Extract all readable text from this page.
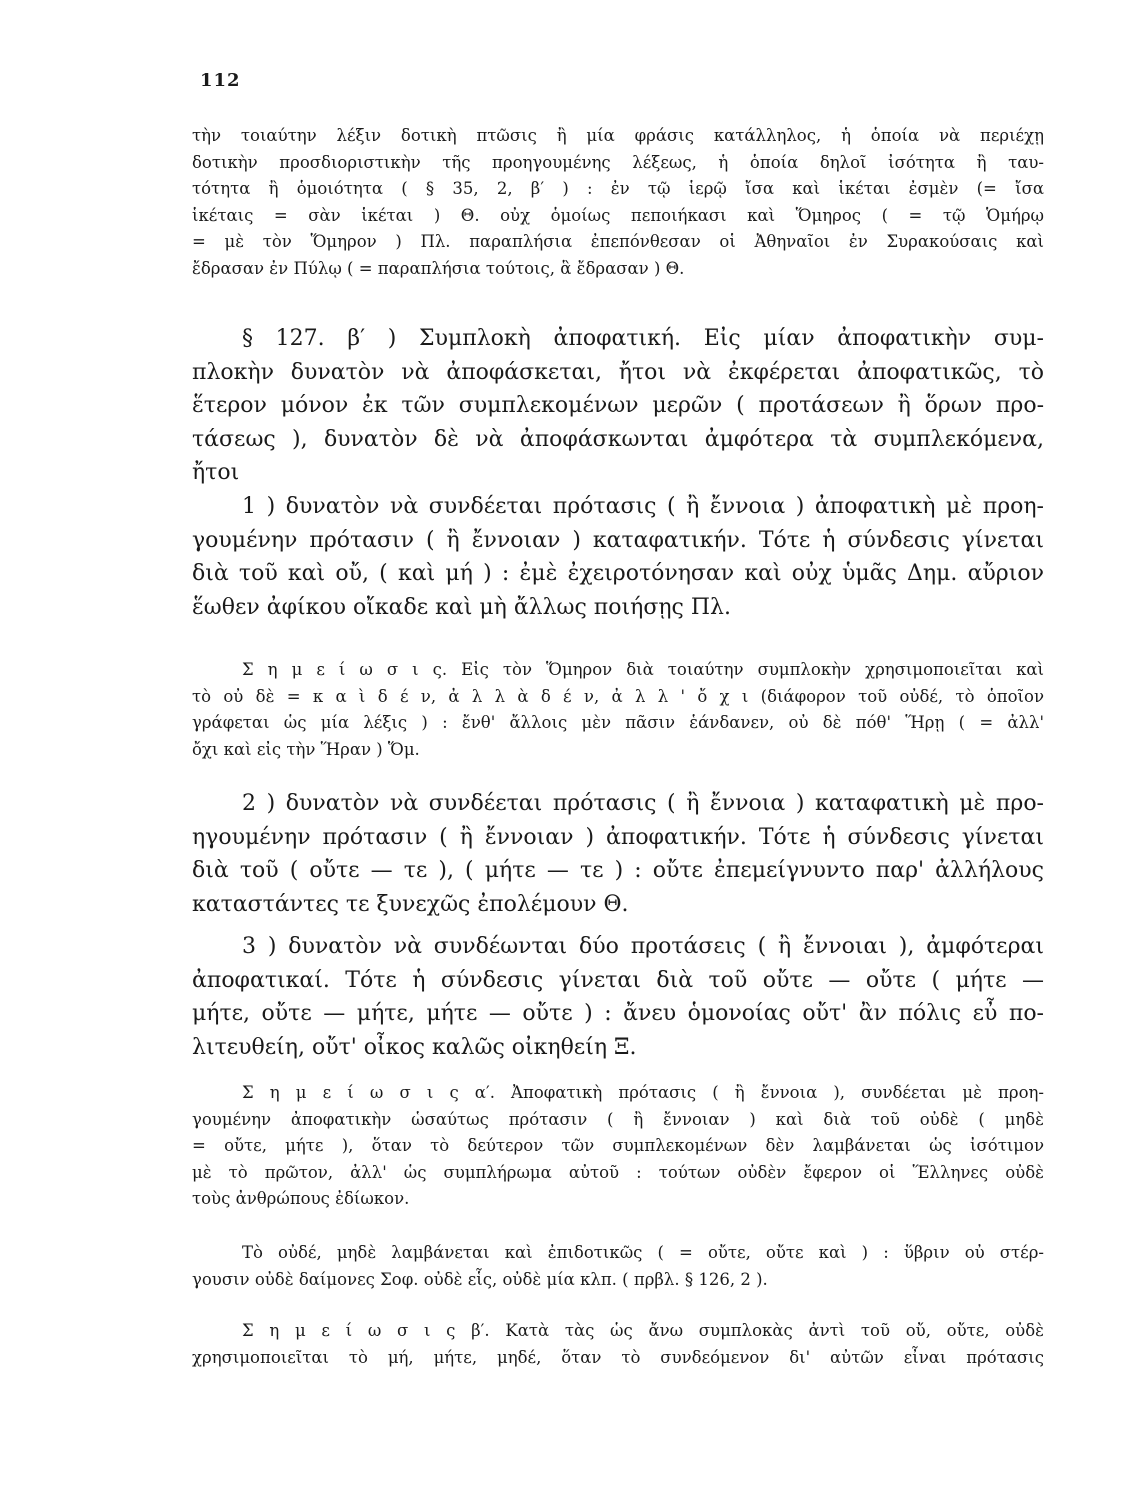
112
τὴν τοιαύτην λέξιν δοτικὴ πτῶσις ἢ μία φράσις κατάλληλος, ἡ ὁποία νὰ περιέχῃ
δοτικὴν προσδιοριστικὴν τῆς προηγουμένης λέξεως, ἡ ὁποία δηλοῖ ἰσότητα ἢ ταυ-
τότητα ἢ ὁμοιότητα ( § 35, 2, β′ ) : ἐν τῷ ἱερῷ ἴσα καὶ ἱκέται ἐσμὲν (= ἴσα
ἱκέταις = σὰν ἱκέται ) Θ. οὐχ ὁμοίως πεποιήκασι καὶ Ὅμηρος ( = τῷ Ὁμήρῳ
= μὲ τὸν Ὅμηρον ) Πλ. παραπλήσια ἐπεπόνθεσαν οἱ Ἀθηναῖοι ἐν Συρακούσαις καὶ
ἔδρασαν ἐν Πύλῳ ( = παραπλήσια τούτοις, ἃ ἔδρασαν ) Θ.
§ 127. β′ ) Συμπλοκὴ ἀποφατική. Εἰς μίαν ἀποφατικὴν συμ-
πλοκὴν δυνατὸν νὰ ἀποφάσκεται, ἤτοι νὰ ἐκφέρεται ἀποφατικῶς, τὸ
ἕτερον μόνον ἐκ τῶν συμπλεκομένων μερῶν ( προτάσεων ἢ ὅρων προ-
τάσεως ), δυνατὸν δὲ νὰ ἀποφάσκωνται ἀμφότερα τὰ συμπλεκόμενα,
ἤτοι
1 ) δυνατὸν νὰ συνδέεται πρότασις ( ἢ ἔννοια ) ἀποφατικὴ μὲ προη-
γουμένην πρότασιν ( ἢ ἔννοιαν ) καταφατικήν. Τότε ἡ σύνδεσις γίνεται
διὰ τοῦ καὶ οὔ, ( καὶ μή ) : ἐμὲ ἐχειροτόνησαν καὶ οὐχ ὑμᾶς Δημ. αὔριον
ἕωθεν ἀφίκου οἴκαδε καὶ μὴ ἄλλως ποιήσῃς Πλ.
Σ η μ ε ί ω σ ι ς. Εἰς τὸν Ὅμηρον διὰ τοιαύτην συμπλοκὴν χρησιμοποιεῖται καὶ
τὸ οὐ δὲ = κ α ὶ δ έ ν, ἀ λ λ ὰ δ έ ν, ἀ λ λ ' ὄ χ ι (διάφορον τοῦ οὐδέ, τὸ ὁποῖον
γράφεται ὡς μία λέξις ) : ἔνθ' ἄλλοις μὲν πᾶσιν ἑάνδανεν, οὐ δὲ πόθ' Ἥρῃ ( = ἀλλ'
ὄχι καὶ εἰς τὴν Ἥραν ) Ὅμ.
2 ) δυνατὸν νὰ συνδέεται πρότασις ( ἢ ἔννοια ) καταφατικὴ μὲ προ-
ηγουμένην πρότασιν ( ἢ ἔννοιαν ) ἀποφατικήν. Τότε ἡ σύνδεσις γίνεται
διὰ τοῦ ( οὔτε — τε ), ( μήτε — τε ) : οὔτε ἐπεμείγνυντο παρ' ἀλλήλους
καταστάντες τε ξυνεχῶς ἐπολέμουν Θ.
3 ) δυνατὸν νὰ συνδέωνται δύο προτάσεις ( ἢ ἔννοιαι ), ἀμφότεραι
ἀποφατικαί. Τότε ἡ σύνδεσις γίνεται διὰ τοῦ οὔτε — οὔτε ( μήτε —
μήτε, οὔτε — μήτε, μήτε — οὔτε ) : ἄνευ ὁμονοίας οὔτ' ἂν πόλις εὖ πο-
λιτευθείη, οὔτ' οἶκος καλῶς οἰκηθείη Ξ.
Σ η μ ε ί ω σ ι ς α′. Ἀποφατικὴ πρότασις ( ἢ ἔννοια ), συνδέεται μὲ προη-
γουμένην ἀποφατικὴν ὡσαύτως πρότασιν ( ἢ ἔννοιαν ) καὶ διὰ τοῦ οὐδὲ ( μηδὲ
= οὔτε, μήτε ), ὅταν τὸ δεύτερον τῶν συμπλεκομένων δὲν λαμβάνεται ὡς ἰσότιμον
μὲ τὸ πρῶτον, ἀλλ' ὡς συμπλήρωμα αὐτοῦ : τούτων οὐδὲν ἔφερον οἱ Ἕλληνες οὐδὲ
τοὺς ἀνθρώπους ἐδίωκον.
Τὸ οὐδέ, μηδὲ λαμβάνεται καὶ ἐπιδοτικῶς ( = οὔτε, οὔτε καὶ ) : ὕβριν οὐ στέρ-
γουσιν οὐδὲ δαίμονες Σοφ. οὐδὲ εἷς, οὐδὲ μία κλπ. ( πρβλ. § 126, 2 ).
Σ η μ ε ί ω σ ι ς β′. Κατὰ τὰς ὡς ἄνω συμπλοκὰς ἀντὶ τοῦ οὔ, οὔτε, οὐδὲ
χρησιμοποιεῖται τὸ μή, μήτε, μηδέ, ὅταν τὸ συνδεόμενον δι' αὐτῶν εἶναι πρότασις
